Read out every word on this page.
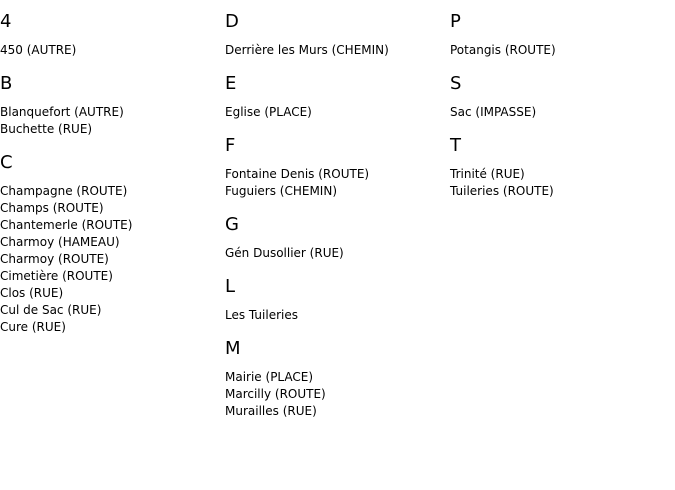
4
450 (AUTRE)
B
Blanquefort (AUTRE)
Buchette (RUE)
C
Champagne (ROUTE)
Champs (ROUTE)
Chantemerle (ROUTE)
Charmoy (HAMEAU)
Charmoy (ROUTE)
Cimetière (ROUTE)
Clos (RUE)
Cul de Sac (RUE)
Cure (RUE)
D
Derrière les Murs (CHEMIN)
E
Eglise (PLACE)
F
Fontaine Denis (ROUTE)
Fuguiers (CHEMIN)
G
Gén Dusollier (RUE)
L
Les Tuileries
M
Mairie (PLACE)
Marcilly (ROUTE)
Murailles (RUE)
P
Potangis (ROUTE)
S
Sac (IMPASSE)
T
Trinité (RUE)
Tuileries (ROUTE)
